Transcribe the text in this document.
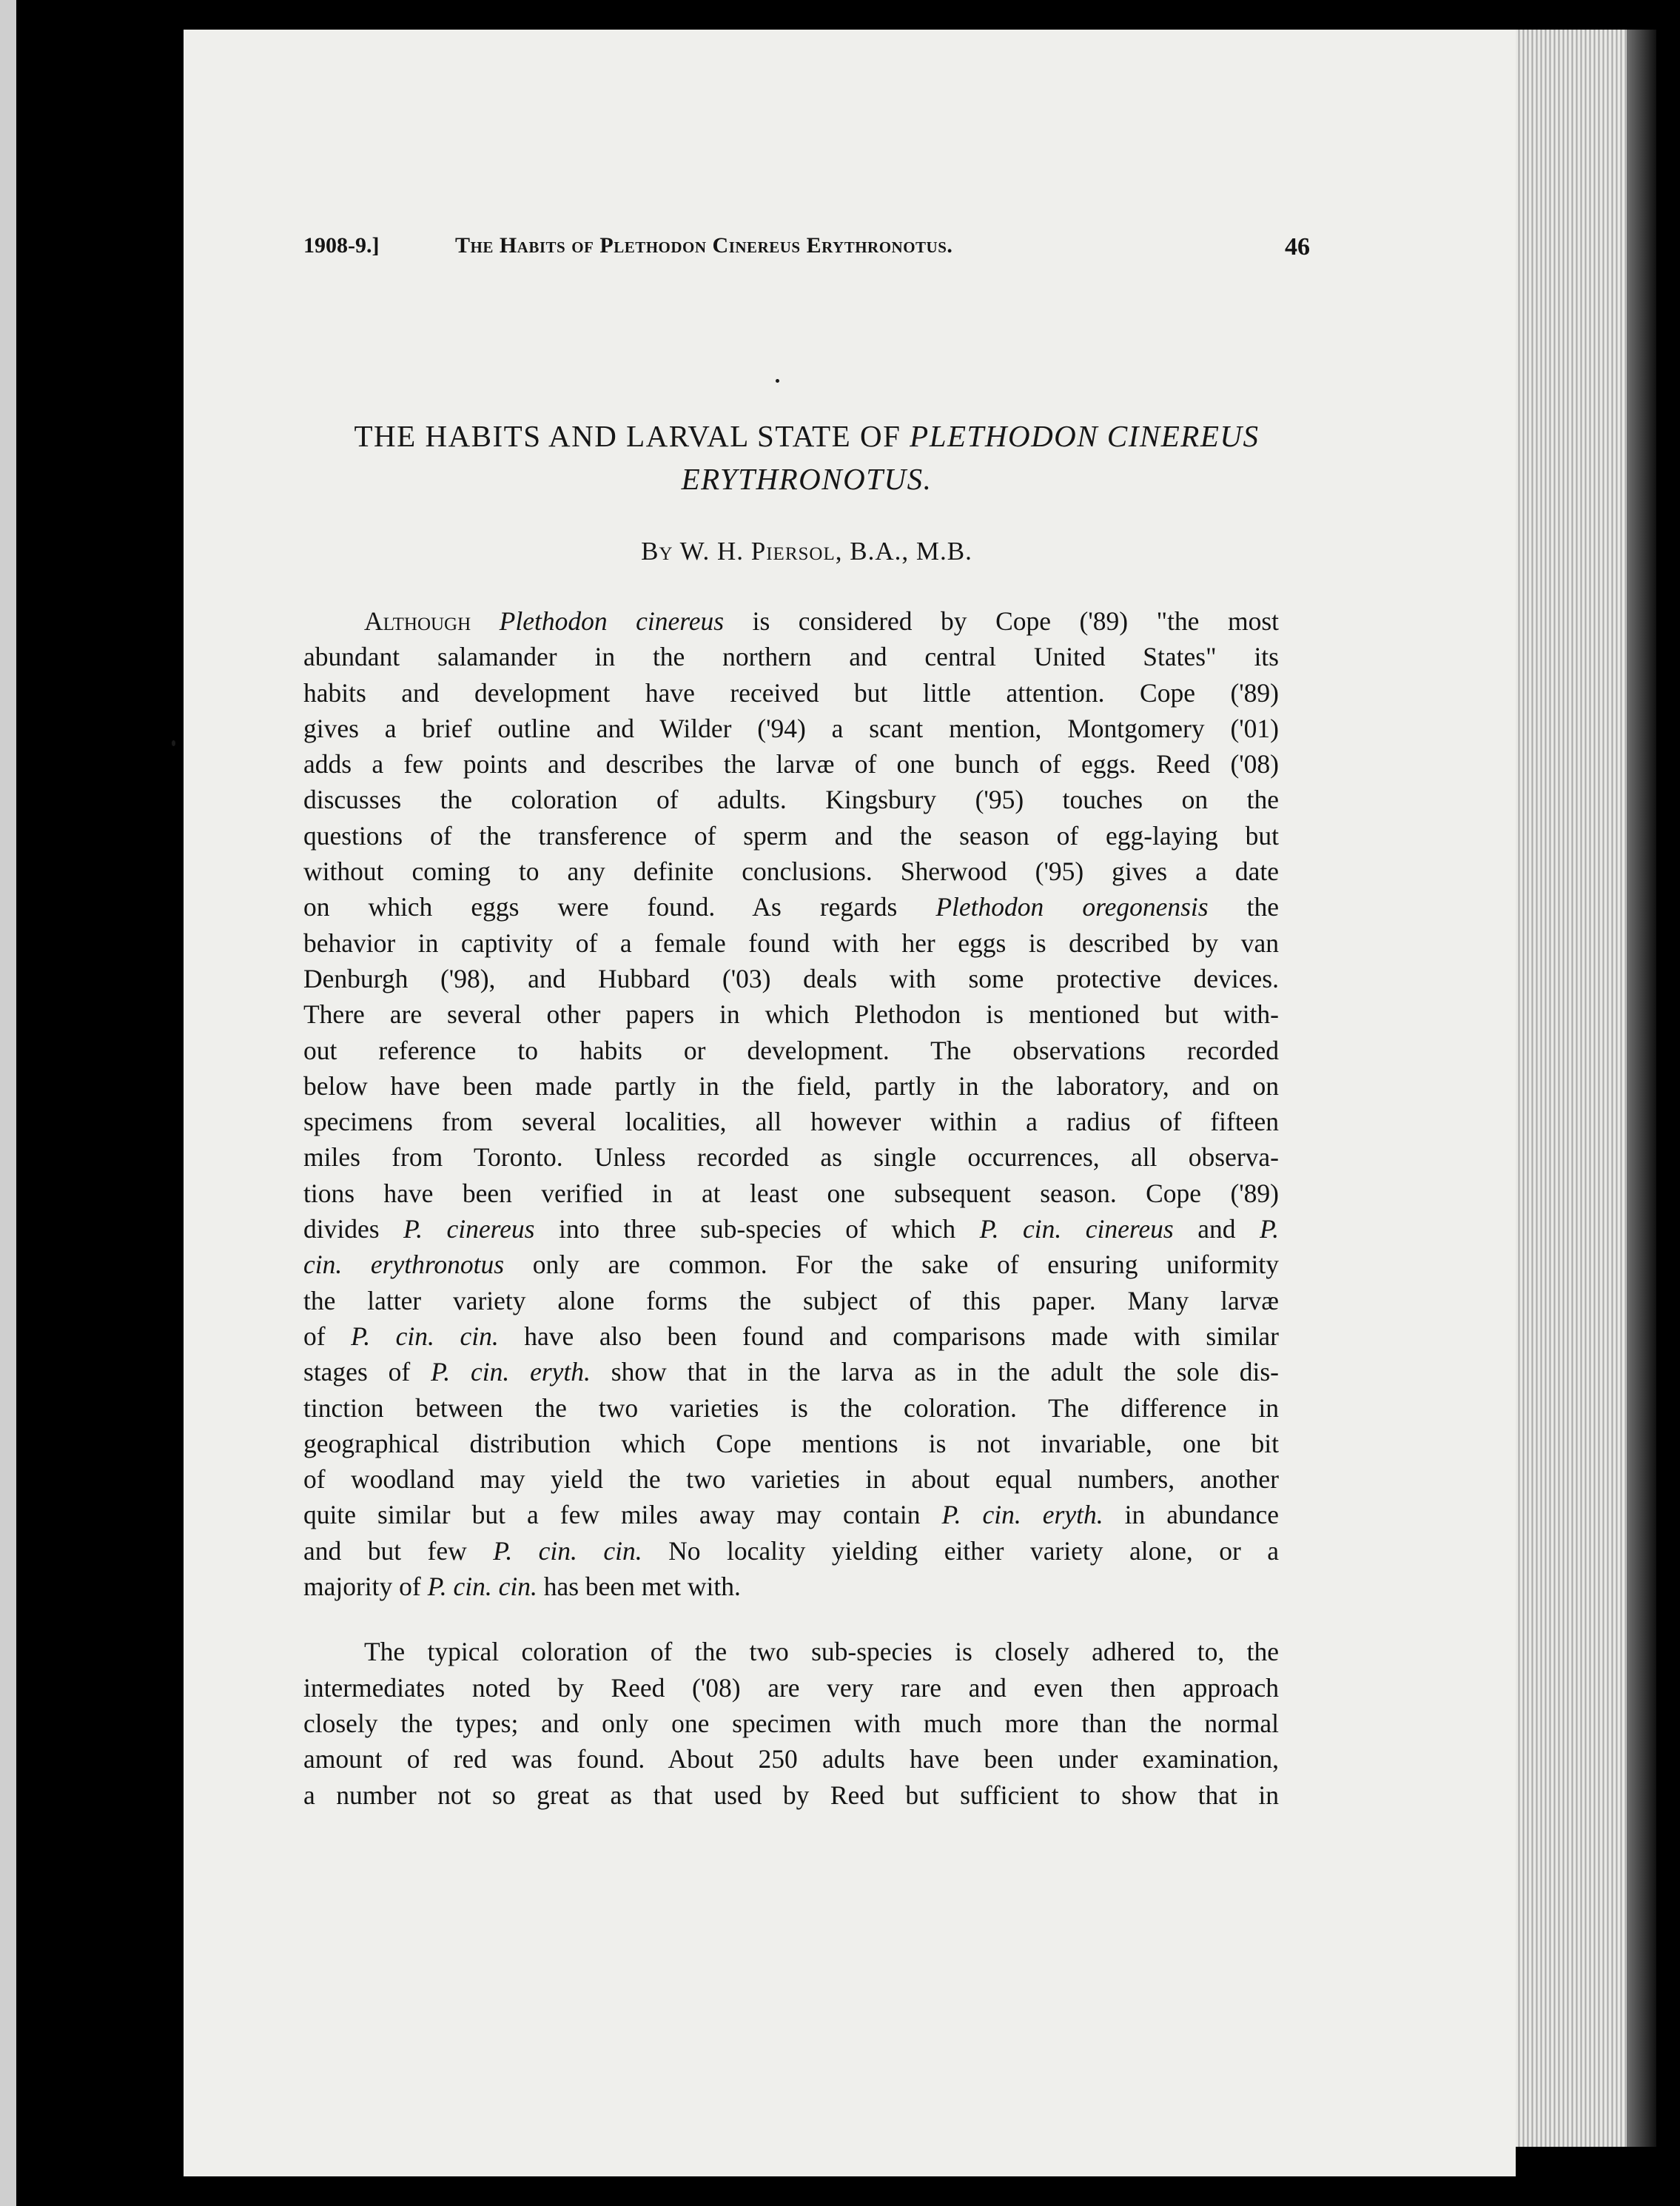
1908-9.]	The Habits of Plethodon Cinereus Erythronotus.	46
THE HABITS AND LARVAL STATE OF PLETHODON CINEREUS
ERYTHRONOTUS.
By W. H. Piersol, B.A., M.B.
Although Plethodon cinereus is considered by Cope ('89) "the most
abundant salamander in the northern and central United States" its
habits and development have received but little attention. Cope ('89)
gives a brief outline and Wilder ('94) a scant mention, Montgomery ('01)
adds a few points and describes the larvæ of one bunch of eggs. Reed ('08)
discusses the coloration of adults. Kingsbury ('95) touches on the
questions of the transference of sperm and the season of egg-laying but
without coming to any definite conclusions. Sherwood ('95) gives a date
on which eggs were found. As regards Plethodon oregonensis the
behavior in captivity of a female found with her eggs is described by van
Denburgh ('98), and Hubbard ('03) deals with some protective devices.
There are several other papers in which Plethodon is mentioned but with-
out reference to habits or development. The observations recorded
below have been made partly in the field, partly in the laboratory, and on
specimens from several localities, all however within a radius of fifteen
miles from Toronto. Unless recorded as single occurrences, all observa-
tions have been verified in at least one subsequent season. Cope ('89)
divides P. cinereus into three sub-species of which P. cin. cinereus and P.
cin. erythronotus only are common. For the sake of ensuring uniformity
the latter variety alone forms the subject of this paper. Many larvæ
of P. cin. cin. have also been found and comparisons made with similar
stages of P. cin. eryth. show that in the larva as in the adult the sole dis-
tinction between the two varieties is the coloration. The difference in
geographical distribution which Cope mentions is not invariable, one bit
of woodland may yield the two varieties in about equal numbers, another
quite similar but a few miles away may contain P. cin. eryth. in abundance
and but few P. cin. cin. No locality yielding either variety alone, or a
majority of P. cin. cin. has been met with.
The typical coloration of the two sub-species is closely adhered to, the
intermediates noted by Reed ('08) are very rare and even then approach
closely the types; and only one specimen with much more than the normal
amount of red was found. About 250 adults have been under examination,
a number not so great as that used by Reed but sufficient to show that in
